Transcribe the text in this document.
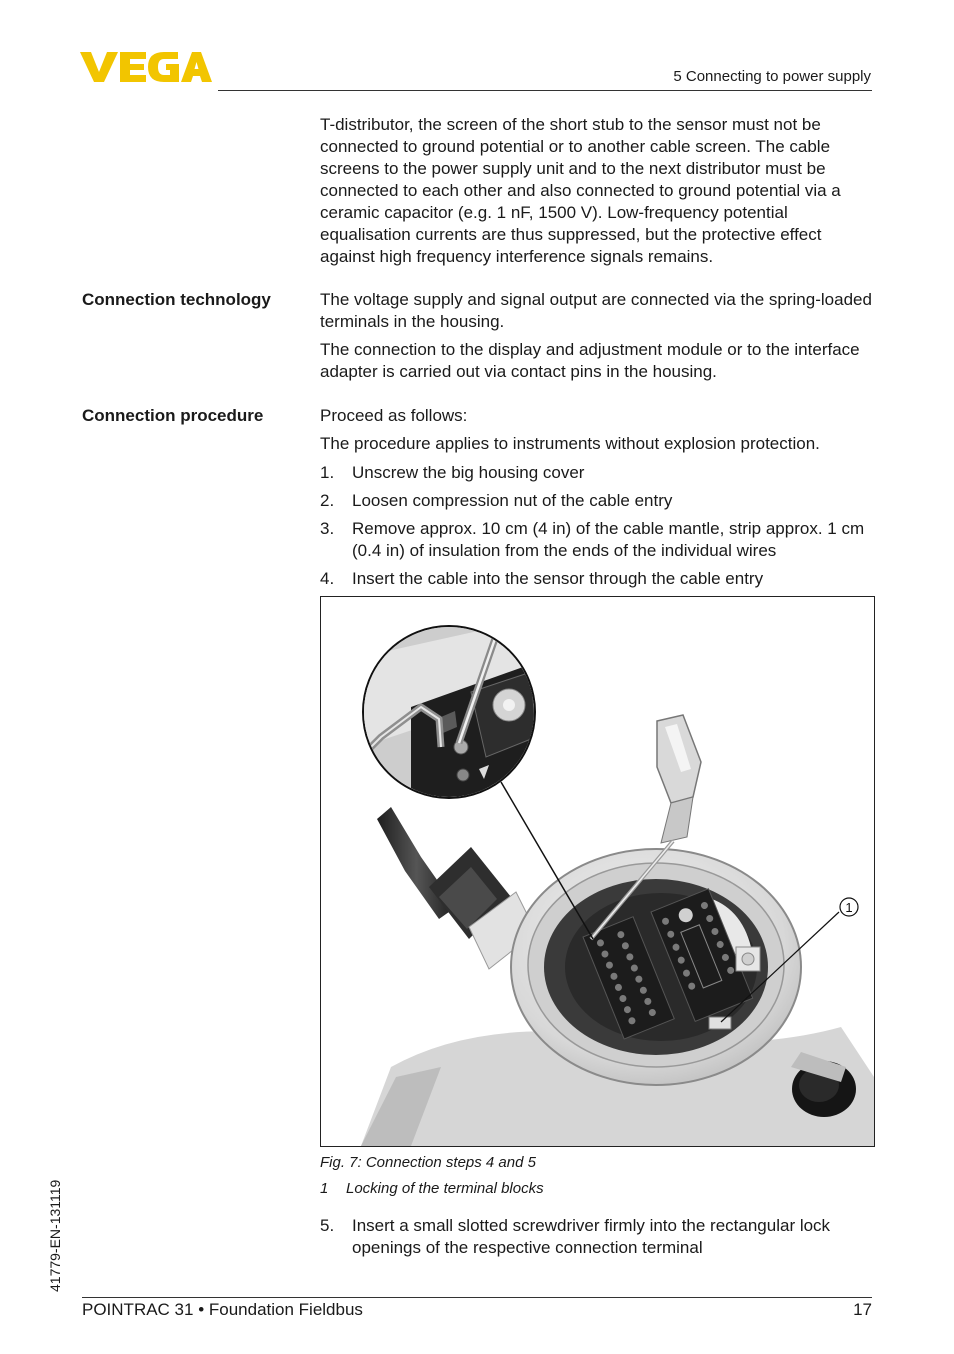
5 Connecting to power supply
T-distributor, the screen of the short stub to the sensor must not be connected to ground potential or to another cable screen. The cable screens to the power supply unit and to the next distributor must be connected to each other and also connected to ground potential via a ceramic capacitor (e.g. 1 nF, 1500 V). Low-frequency potential equalisation currents are thus suppressed, but the protective effect against high frequency interference signals remains.
Connection technology	The voltage supply and signal output are connected via the spring-loaded terminals in the housing.
The connection to the display and adjustment module or to the interface adapter is carried out via contact pins in the housing.
Connection procedure	Proceed as follows:
The procedure applies to instruments without explosion protection.
1. Unscrew the big housing cover
2. Loosen compression nut of the cable entry
3. Remove approx. 10 cm (4 in) of the cable mantle, strip approx. 1 cm (0.4 in) of insulation from the ends of the individual wires
4. Insert the cable into the sensor through the cable entry
1
Fig. 7: Connection steps 4 and 5
1 Locking of the terminal blocks
5. Insert a small slotted screwdriver firmly into the rectangular lock openings of the respective connection terminal
41779-EN-131119
POINTRAC 31 • Foundation Fieldbus	17
